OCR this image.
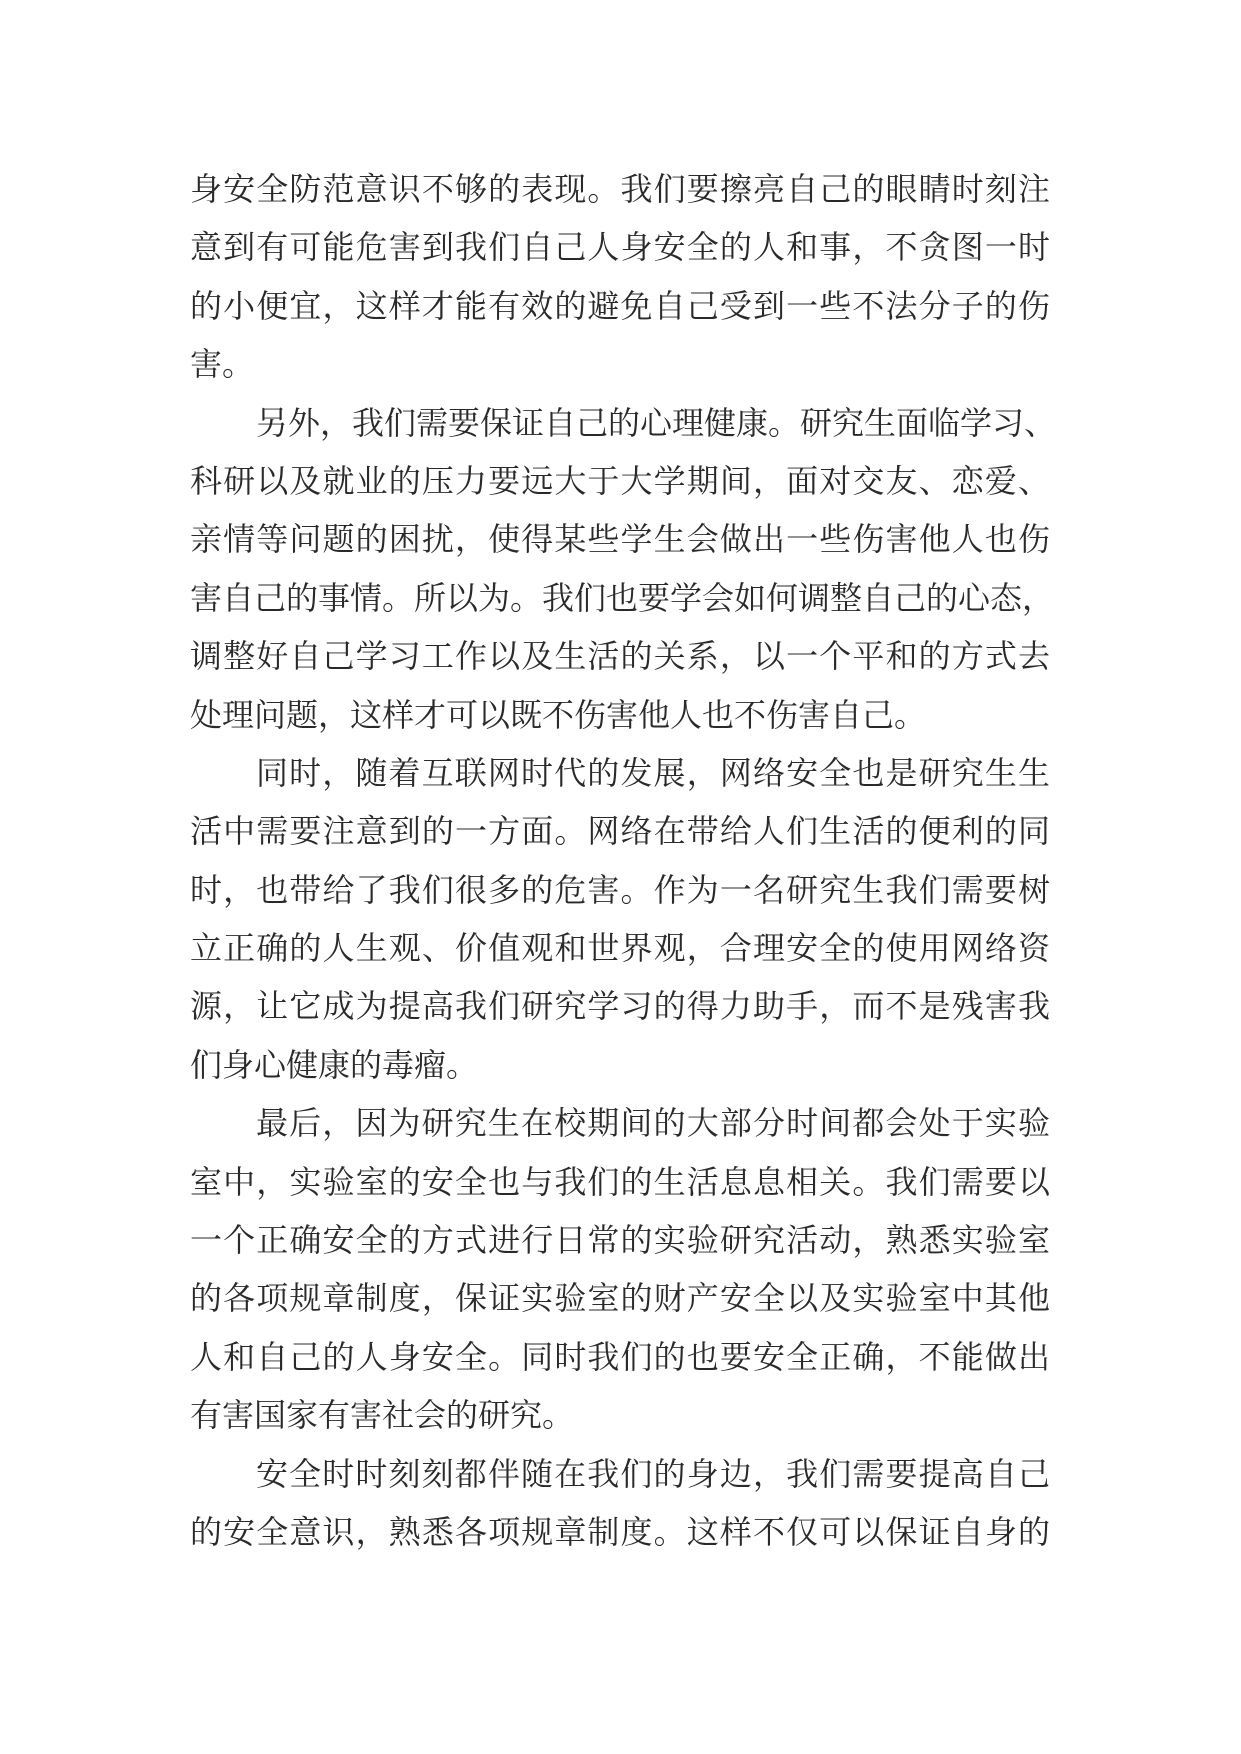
身安全防范意识不够的表现。我们要擦亮自己的眼睛时刻注
意到有可能危害到我们自己人身安全的人和事，不贪图一时
的小便宜，这样才能有效的避免自己受到一些不法分子的伤
害。
另外，我们需要保证自己的心理健康。研究生面临学习、
科研以及就业的压力要远大于大学期间，面对交友、恋爱、
亲情等问题的困扰，使得某些学生会做出一些伤害他人也伤
害自己的事情。所以为。我们也要学会如何调整自己的心态，
调整好自己学习工作以及生活的关系，以一个平和的方式去
处理问题，这样才可以既不伤害他人也不伤害自己。
同时，随着互联网时代的发展，网络安全也是研究生生
活中需要注意到的一方面。网络在带给人们生活的便利的同
时，也带给了我们很多的危害。作为一名研究生我们需要树
立正确的人生观、价值观和世界观，合理安全的使用网络资
源，让它成为提高我们研究学习的得力助手，而不是残害我
们身心健康的毒瘤。
最后，因为研究生在校期间的大部分时间都会处于实验
室中，实验室的安全也与我们的生活息息相关。我们需要以
一个正确安全的方式进行日常的实验研究活动，熟悉实验室
的各项规章制度，保证实验室的财产安全以及实验室中其他
人和自己的人身安全。同时我们的也要安全正确，不能做出
有害国家有害社会的研究。
安全时时刻刻都伴随在我们的身边，我们需要提高自己
的安全意识，熟悉各项规章制度。这样不仅可以保证自身的
